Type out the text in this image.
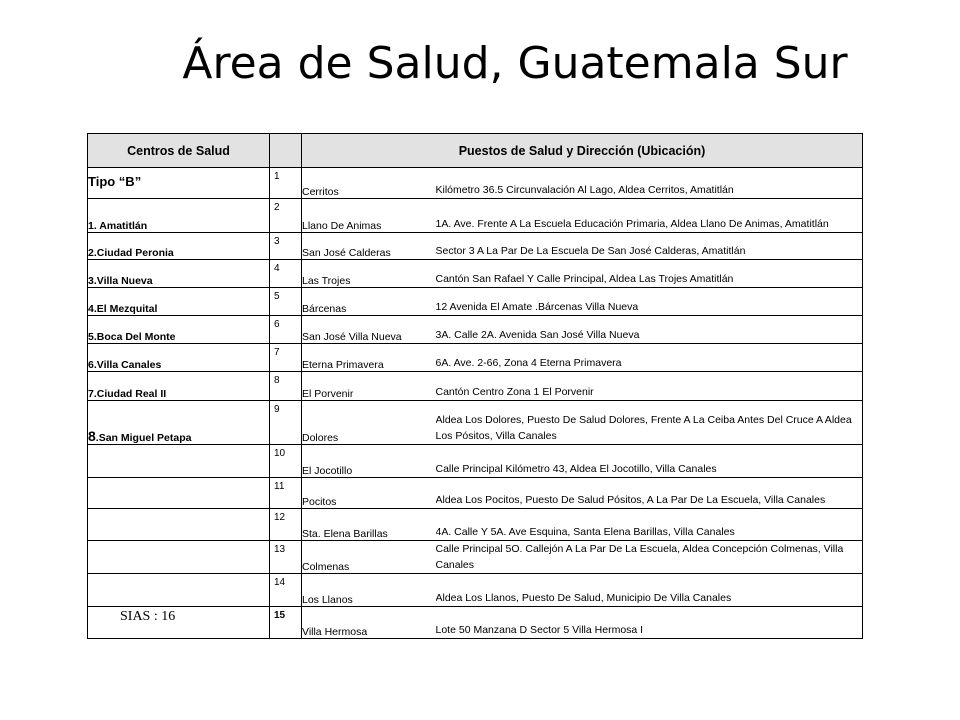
Área de Salud, Guatemala Sur
Centros de Salud		Puestos de Salud y Dirección (Ubicación)	
Tipo “B”	1	Cerritos	Kilómetro 36.5 Circunvalación Al Lago, Aldea Cerritos, Amatitlán
1. Amatitlán	2	Llano De Animas	1A. Ave. Frente A La Escuela Educación Primaria, Aldea Llano De Animas, Amatitlán
2.Ciudad Peronia	3	San José Calderas	Sector 3 A La Par De La Escuela De San José Calderas, Amatitlán
3.Villa Nueva	4	Las Trojes	Cantón San Rafael Y Calle Principal, Aldea Las Trojes Amatitlán
4.El Mezquital	5	Bárcenas	12 Avenida El Amate .Bárcenas Villa Nueva
5.Boca Del Monte	6	San José Villa Nueva	3A. Calle 2A. Avenida San José Villa Nueva
6.Villa Canales	7	Eterna Primavera	6A. Ave. 2-66, Zona 4 Eterna Primavera
7.Ciudad Real II	8	El Porvenir	Cantón Centro Zona 1 El Porvenir
8.San Miguel Petapa	9	Dolores	Aldea Los Dolores, Puesto De Salud Dolores, Frente A La Ceiba Antes Del Cruce A Aldea Los Pósitos, Villa Canales

	10	El Jocotillo	Calle Principal Kilómetro 43, Aldea El Jocotillo, Villa Canales

	11	Pocitos	Aldea Los Pocitos, Puesto De Salud Pósitos, A La Par De La Escuela, Villa Canales

	12	Sta. Elena Barillas	4A. Calle Y 5A. Ave Esquina, Santa Elena Barillas, Villa Canales

	13	Colmenas	Calle Principal 5O. Callejón A La Par De La Escuela, Aldea Concepción Colmenas, Villa Canales

	14	Los Llanos	Aldea Los Llanos, Puesto De Salud, Municipio De Villa Canales
SIAS : 16	15	Villa Hermosa	Lote 50 Manzana D Sector 5 Villa Hermosa I
